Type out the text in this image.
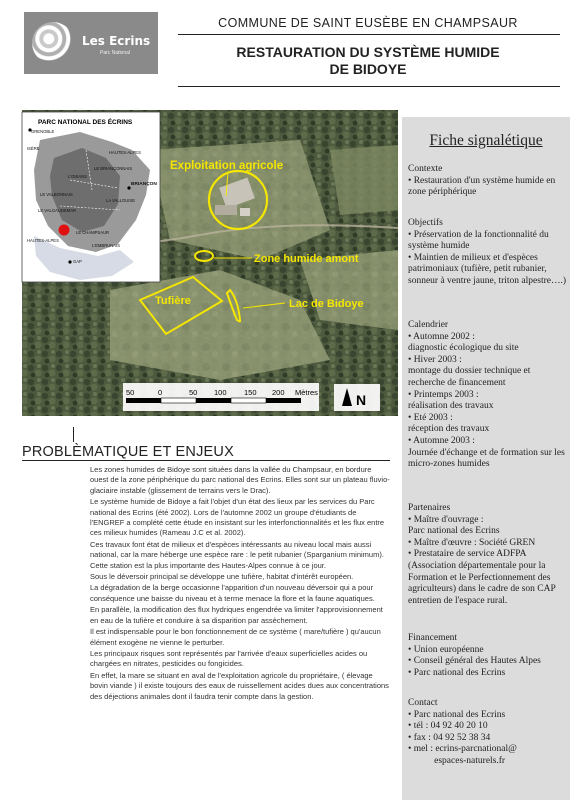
Les Ecrins
Parc National
COMMUNE DE SAINT EUSÈBE EN CHAMPSAUR
RESTAURATION DU SYSTÈME HUMIDE
DE BIDOYE
PARC NATIONAL DES ÉCRINS
GRENOBLE
ISÈRE
HAUTES-ALPES
LE BRIANÇONNAIS
BRIANÇON
L'OISANS
LA VALLOUISE
LE VALBONNAIS
LE VALGAUDEMAR
LE CHAMPSAUR
L'EMBRUNAIS
HAUTES-ALPES
GAP
Exploitation agricole
Zone humide amont
Tufière	Lac de Bidoye
50	0	50 100 150 200 Mètres	N
PROBLÈMATIQUE ET ENJEUX

Les zones humides de Bidoye sont situées dans la vallée du Champsaur, en bordure ouest de la zone périphérique du parc national des Ecrins. Elles sont sur un plateau fluvio-glaciaire instable (glissement de terrains vers le Drac).

Le système humide de Bidoye a fait l'objet d'un état des lieux par les services du Parc national des Ecrins (été 2002). Lors de l'automne 2002 un groupe d'étudiants de l'ENGREF a complété cette étude en insistant sur les interfonctionnalités et les flux entre ces milieux humides (Rameau J.C et al. 2002).

Ces travaux font état de milieux et d'espèces intéressants au niveau local mais aussi national, car la mare héberge une espèce rare : le petit rubanier (Sparganium minimum). Cette station est la plus importante des Hautes-Alpes connue à ce jour.

Sous le déversoir principal se développe une tufière, habitat d'intérêt européen.

La dégradation de la berge occasionne l'apparition d'un nouveau déversoir qui a pour conséquence une baisse du niveau et à terme menace la flore et la faune aquatiques.

En parallèle, la modification des flux hydriques engendrée va limiter l'approvisionnement en eau de la tufière et conduire à sa disparition par assèchement.

Il est indispensable pour le bon fonctionnement de ce système ( mare/tufière ) qu'aucun élément exogène ne vienne le perturber.

Les principaux risques sont représentés par l'arrivée d'eaux superficielles acides ou chargées en nitrates, pesticides ou fongicides.

En effet, la mare se situant en aval de l'exploitation agricole du propriétaire, ( élevage bovin viande ) il existe toujours des eaux de ruissellement acides dues aux concentrations des déjections animales dont il faudra tenir compte dans la gestion.

Fiche signalétique
Contexte
• Restauration d'un système humide en zone périphérique
Objectifs
• Préservation de la fonctionnalité du système humide
• Maintien de milieux et d'espèces patrimoniaux (tufière, petit rubanier, sonneur à ventre jaune, triton alpestre….)
Calendrier
• Automne 2002 :
diagnostic écologique du site
• Hiver 2003 :
montage du dossier technique et recherche de financement
• Printemps 2003 :
réalisation des travaux
• Eté 2003 :
réception des travaux
• Automne 2003 :
Journée d'échange et de formation sur les micro-zones humides
Partenaires
• Maître d'ouvrage :
Parc national des Ecrins
• Maître d'œuvre : Société GREN
• Prestataire de service ADFPA (Association départementale pour la Formation et le Perfectionnement des agriculteurs) dans le cadre de son CAP entretien de l'espace rural.
Financement
• Union européenne
• Conseil général des Hautes Alpes
• Parc national des Ecrins
Contact
• Parc national des Ecrins
• tél : 04 92 40 20 10
• fax : 04 92 52 38 34
• mel : ecrins-parcnational@
espaces-naturels.fr
